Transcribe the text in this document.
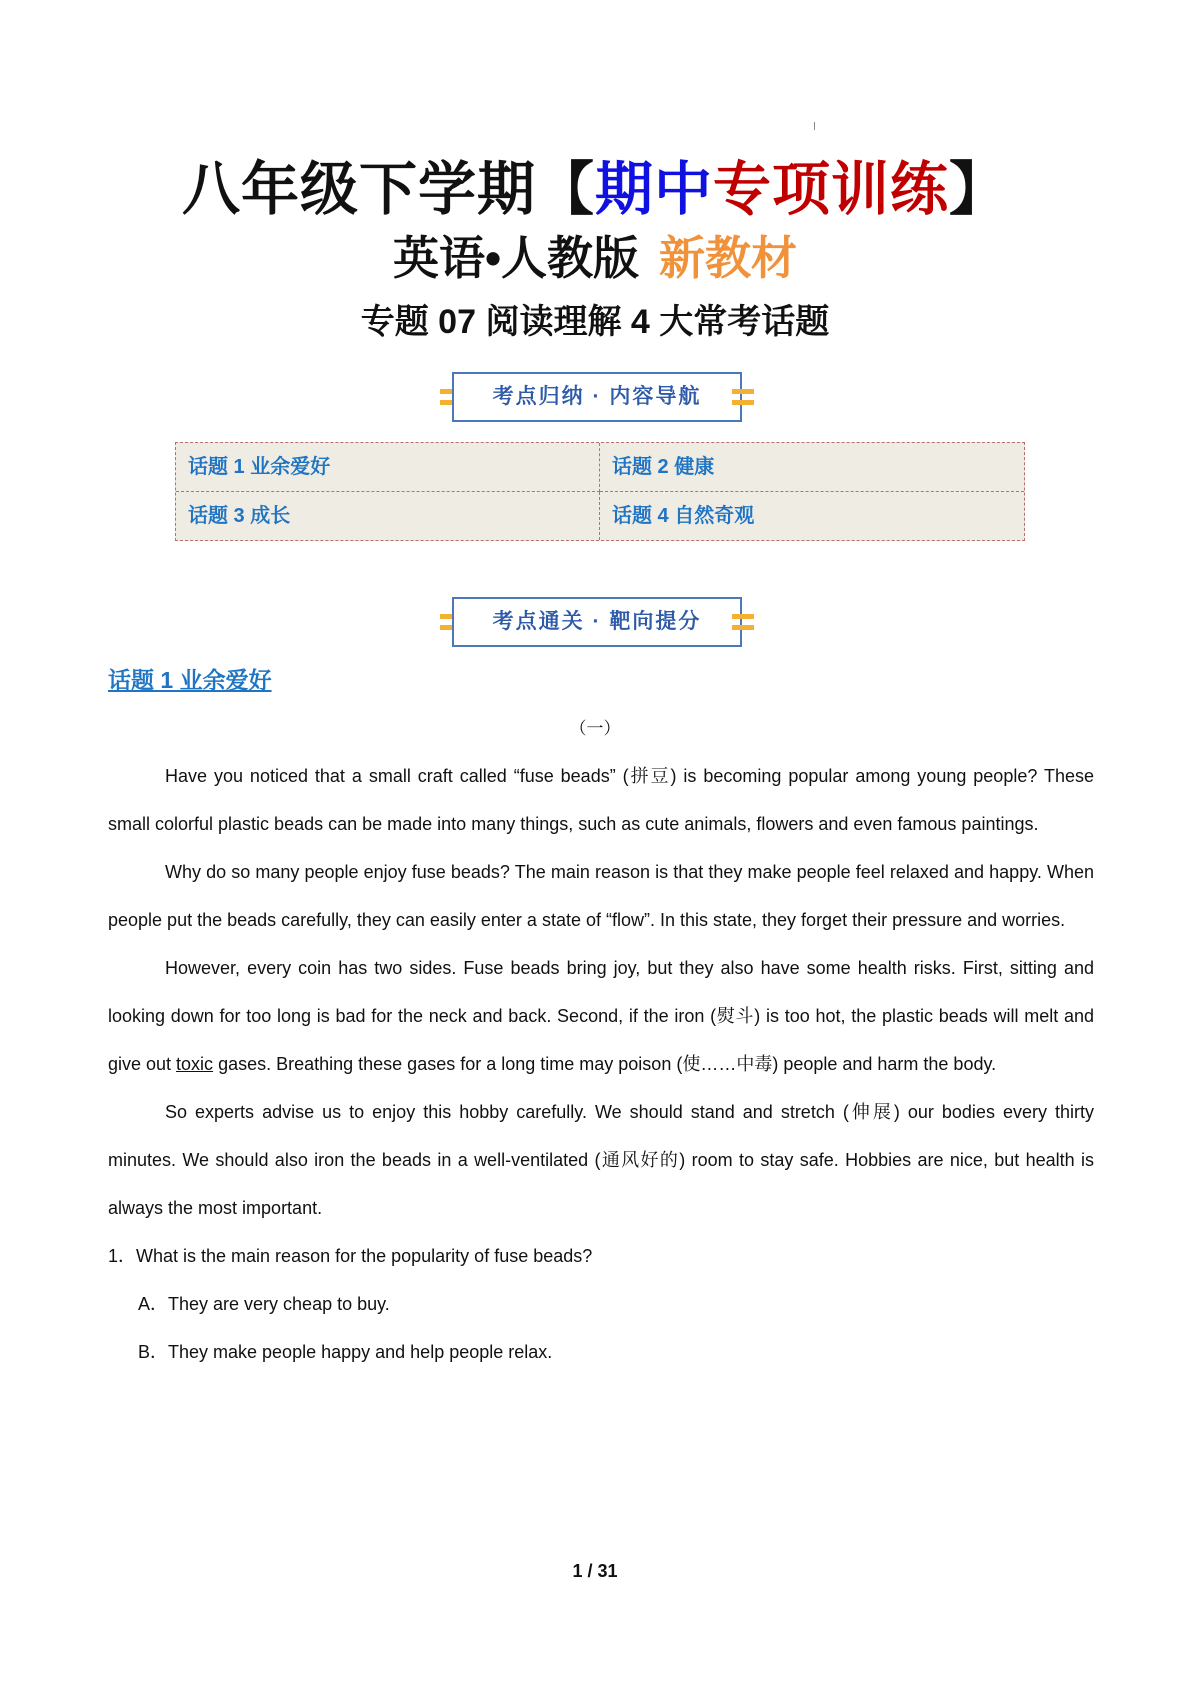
八年级下学期【期中专项训练】
英语•人教版 新教材
专题 07 阅读理解 4 大常考话题
考点归纳 · 内容导航
话题 1 业余爱好	话题 2 健康
话题 3 成长	话题 4 自然奇观
考点通关 · 靶向提分
话题 1 业余爱好
（一）

Have you noticed that a small craft called “fuse beads” (拼豆) is becoming popular among young people? These small colorful plastic beads can be made into many things, such as cute animals, flowers and even famous paintings.

Why do so many people enjoy fuse beads? The main reason is that they make people feel relaxed and happy. When people put the beads carefully, they can easily enter a state of “flow”. In this state, they forget their pressure and worries.

However, every coin has two sides. Fuse beads bring joy, but they also have some health risks. First, sitting and looking down for too long is bad for the neck and back. Second, if the iron (熨斗) is too hot, the plastic beads will melt and give out toxic gases. Breathing these gases for a long time may poison (使……中毒) people and harm the body.

So experts advise us to enjoy this hobby carefully. We should stand and stretch (伸展) our bodies every thirty minutes. We should also iron the beads in a well-ventilated (通风好的) room to stay safe. Hobbies are nice, but health is always the most important.

1．What is the main reason for the popularity of fuse beads?
A．They are very cheap to buy.
B．They make people happy and help people relax.
1 / 31
